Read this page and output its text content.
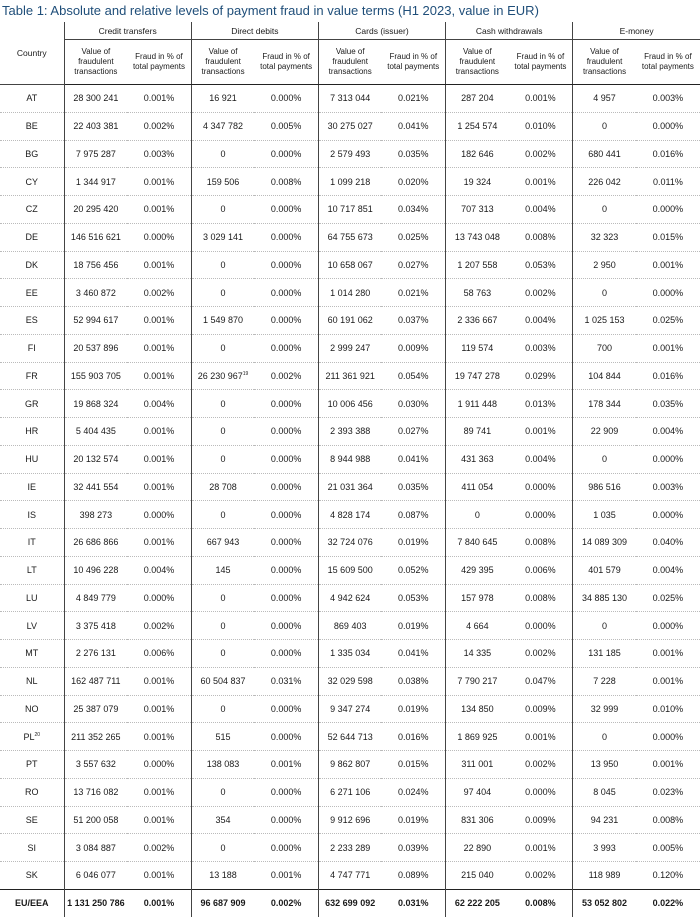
Table 1: Absolute and relative levels of payment fraud in value terms (H1 2023, value in EUR)
Country	Credit transfers		Direct debits		Cards (issuer)		Cash withdrawals		E-money	
	Value of fraudulent transactions	Fraud in % of total payments	Value of fraudulent transactions	Fraud in % of total payments	Value of fraudulent transactions	Fraud in % of total payments	Value of fraudulent transactions	Fraud in % of total payments	Value of fraudulent transactions	Fraud in % of total payments
AT	28 300 241	0.001%	16 921	0.000%	7 313 044	0.021%	287 204	0.001%	4 957	0.003%
BE	22 403 381	0.002%	4 347 782	0.005%	30 275 027	0.041%	1 254 574	0.010%	0	0.000%
BG	7 975 287	0.003%	0	0.000%	2 579 493	0.035%	182 646	0.002%	680 441	0.016%
CY	1 344 917	0.001%	159 506	0.008%	1 099 218	0.020%	19 324	0.001%	226 042	0.011%
CZ	20 295 420	0.001%	0	0.000%	10 717 851	0.034%	707 313	0.004%	0	0.000%
DE	146 516 621	0.000%	3 029 141	0.000%	64 755 673	0.025%	13 743 048	0.008%	32 323	0.015%
DK	18 756 456	0.001%	0	0.000%	10 658 067	0.027%	1 207 558	0.053%	2 950	0.001%
EE	3 460 872	0.002%	0	0.000%	1 014 280	0.021%	58 763	0.002%	0	0.000%
ES	52 994 617	0.001%	1 549 870	0.000%	60 191 062	0.037%	2 336 667	0.004%	1 025 153	0.025%
FI	20 537 896	0.001%	0	0.000%	2 999 247	0.009%	119 574	0.003%	700	0.001%
FR	155 903 705	0.001%	26 230 $967^{19}$	0.002%	211 361 921	0.054%	19 747 278	0.029%	104 844	0.016%
GR	19 868 324	0.004%	0	0.000%	10 006 456	0.030%	1 911 448	0.013%	178 344	0.035%
HR	5 404 435	0.001%	0	0.000%	2 393 388	0.027%	89 741	0.001%	22 909	0.004%
HU	20 132 574	0.001%	0	0.000%	8 944 988	0.041%	431 363	0.004%	0	0.000%
IE	32 441 554	0.001%	28 708	0.000%	21 031 364	0.035%	411 054	0.000%	986 516	0.003%
IS	398 273	0.000%	0	0.000%	4 828 174	0.087%	0	0.000%	1 035	0.000%
IT	26 686 866	0.001%	667 943	0.000%	32 724 076	0.019%	7 840 645	0.008%	14 089 309	0.040%
LT	10 496 228	0.004%	145	0.000%	15 609 500	0.052%	429 395	0.006%	401 579	0.004%
LU	4 849 779	0.000%	0	0.000%	4 942 624	0.053%	157 978	0.008%	34 885 130	0.025%
LV	3 375 418	0.002%	0	0.000%	869 403	0.019%	4 664	0.000%	0	0.000%
MT	2 276 131	0.006%	0	0.000%	1 335 034	0.041%	14 335	0.002%	131 185	0.001%
NL	162 487 711	0.001%	60 504 837	0.031%	32 029 598	0.038%	7 790 217	0.047%	7 228	0.001%
NO	25 387 079	0.001%	0	0.000%	9 347 274	0.019%	134 850	0.009%	32 999	0.010%
PL$^{20}$	211 352 265	0.001%	515	0.000%	52 644 713	0.016%	1 869 925	0.001%	0	0.000%
PT	3 557 632	0.000%	138 083	0.001%	9 862 807	0.015%	311 001	0.002%	13 950	0.001%
RO	13 716 082	0.001%	0	0.000%	6 271 106	0.024%	97 404	0.000%	8 045	0.023%
SE	51 200 058	0.001%	354	0.000%	9 912 696	0.019%	831 306	0.009%	94 231	0.008%
SI	3 084 887	0.002%	0	0.000%	2 233 289	0.039%	22 890	0.001%	3 993	0.005%
SK	6 046 077	0.001%	13 188	0.001%	4 747 771	0.089%	215 040	0.002%	118 989	0.120%
EU/EEA	1 131 250 786	0.001%	96 687 909	0.002%	632 699 092	0.031%	62 222 205	0.008%	53 052 802	0.022%
